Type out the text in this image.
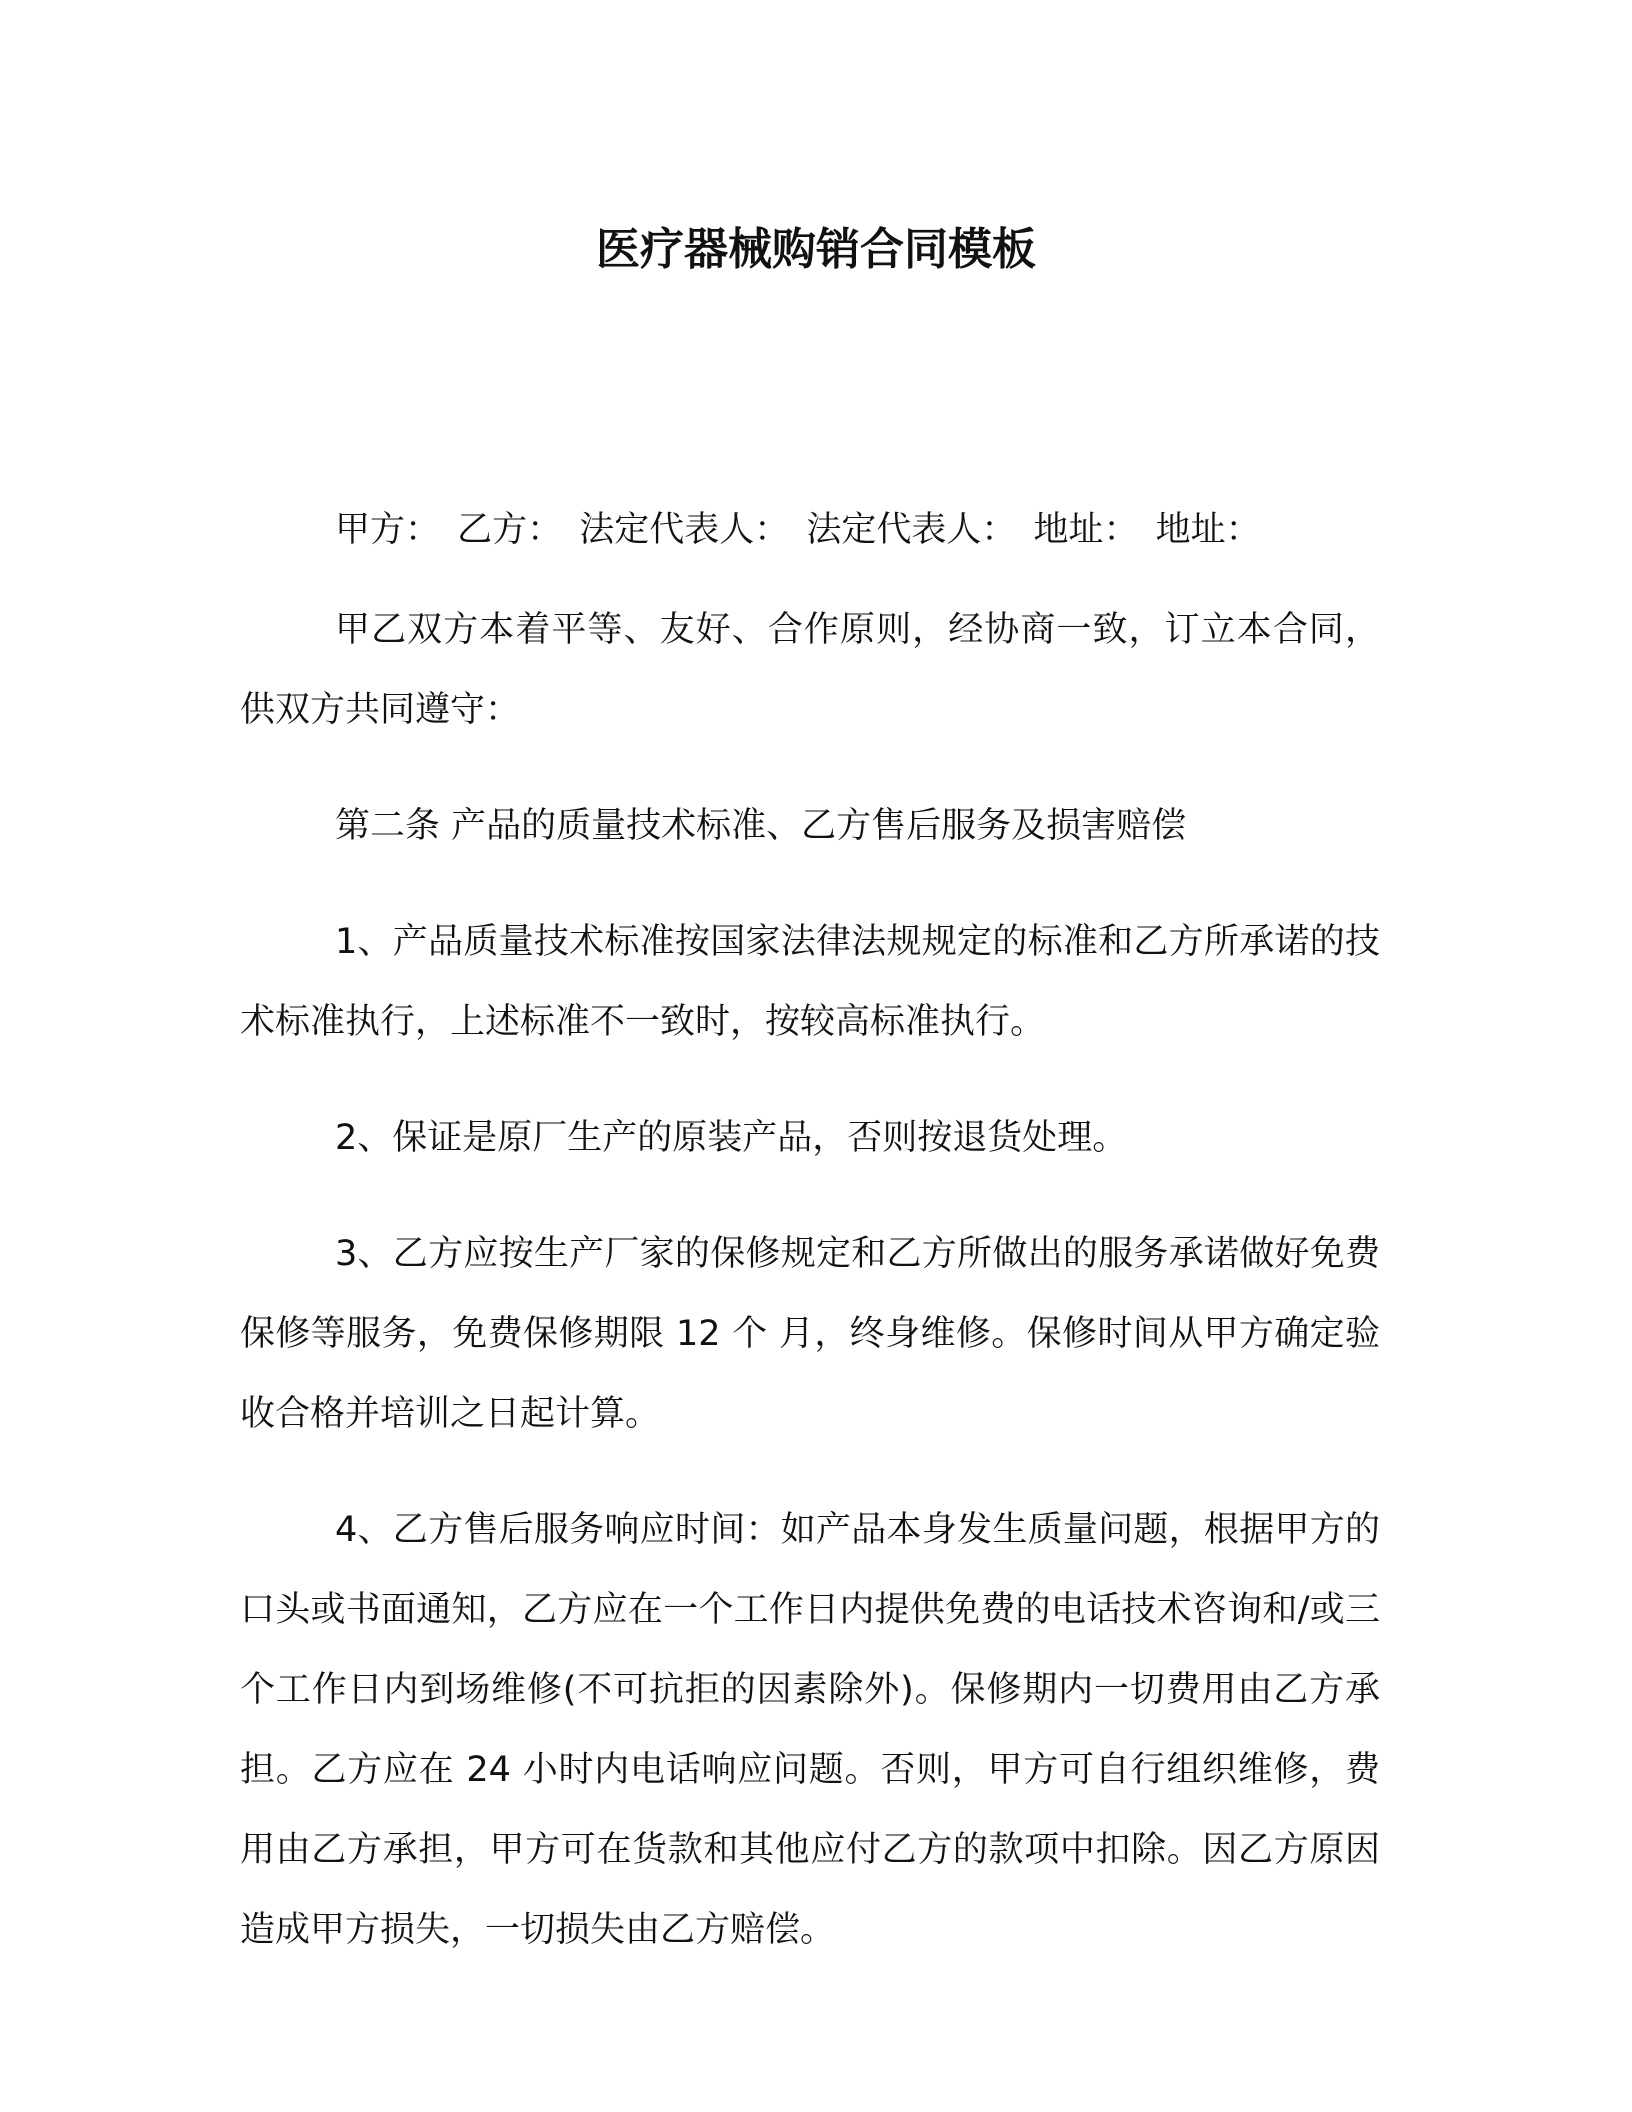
医疗器械购销合同模板

甲方： 乙方： 法定代表人： 法定代表人： 地址： 地址：

甲乙双方本着平等、友好、合作原则，经协商一致，订立本合同，供双方共同遵守：

第二条 产品的质量技术标准、乙方售后服务及损害赔偿

1、产品质量技术标准按国家法律法规规定的标准和乙方所承诺的技术标准执行，上述标准不一致时，按较高标准执行。

2、保证是原厂生产的原装产品，否则按退货处理。

3、乙方应按生产厂家的保修规定和乙方所做出的服务承诺做好免费保修等服务，免费保修期限 12 个 月，终身维修。保修时间从甲方确定验收合格并培训之日起计算。

4、乙方售后服务响应时间：如产品本身发生质量问题，根据甲方的口头或书面通知，乙方应在一个工作日内提供免费的电话技术咨询和/或三个工作日内到场维修(不可抗拒的因素除外)。保修期内一切费用由乙方承担。乙方应在 24 小时内电话响应问题。否则，甲方可自行组织维修，费用由乙方承担，甲方可在货款和其他应付乙方的款项中扣除。因乙方原因造成甲方损失，一切损失由乙方赔偿。
